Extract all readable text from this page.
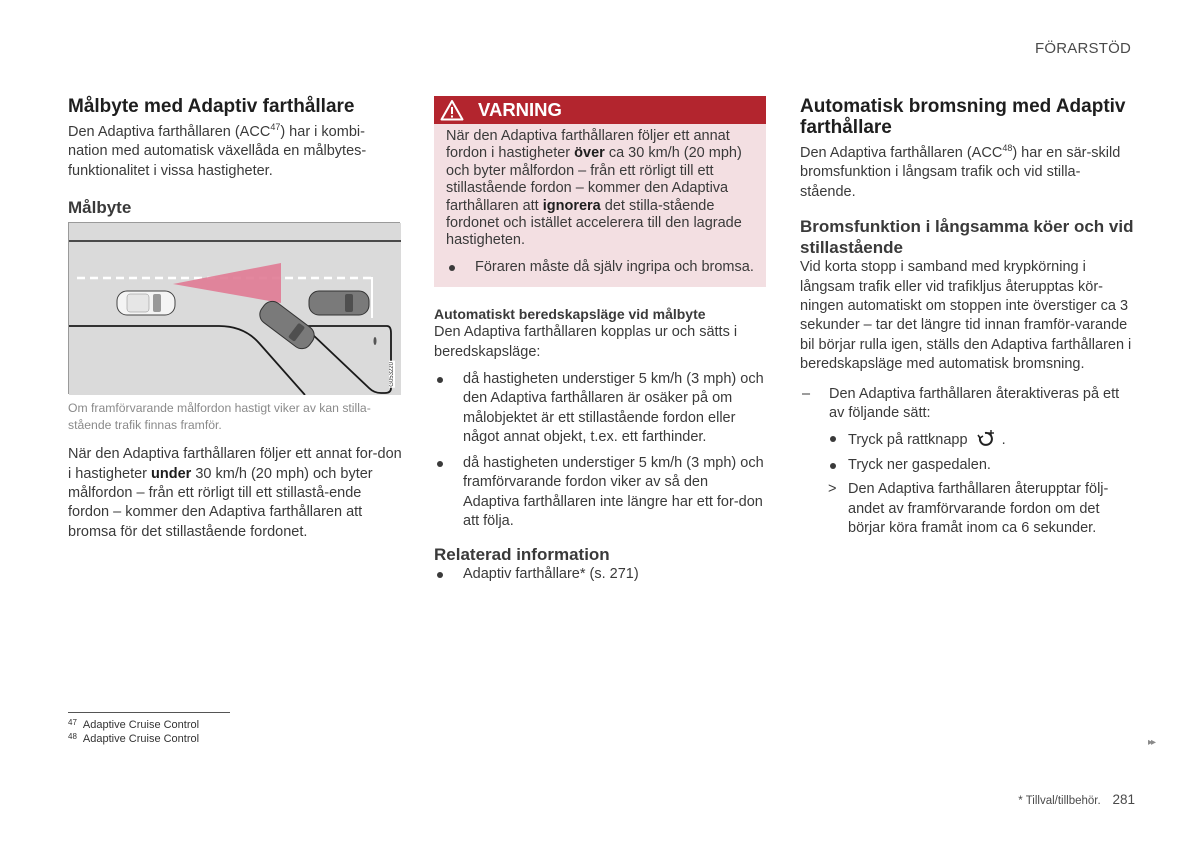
FÖRARSTÖD
Målbyte med Adaptiv farthållare

Den Adaptiva farthållaren (ACC$^{47}$) har i kombi-nation med automatisk växellåda en målbytes-funktionalitet i vissa hastigheter.

Målbyte
G053220

Om framförvarande målfordon hastigt viker av kan stilla-stående trafik finnas framför.

När den Adaptiva farthållaren följer ett annat for-don i hastigheter under 30 km/h (20 mph) och byter målfordon – från ett rörligt till ett stillastå-ende fordon – kommer den Adaptiva farthållaren att bromsa för det stillastående fordonet.

VARNING

När den Adaptiva farthållaren följer ett annat fordon i hastigheter över ca 30 km/h (20 mph) och byter målfordon – från ett rörligt till ett stillastående fordon – kommer den Adaptiva farthållaren att ignorera det stilla-stående fordonet och istället accelerera till den lagrade hastigheten.

Föraren måste då själv ingripa och bromsa.
Automatiskt beredskapsläge vid målbyte

Den Adaptiva farthållaren kopplas ur och sätts i beredskapsläge:

då hastigheten understiger 5 km/h (3 mph) och den Adaptiva farthållaren är osäker på om målobjektet är ett stillastående fordon eller något annat objekt, t.ex. ett farthinder.
då hastigheten understiger 5 km/h (3 mph) och framförvarande fordon viker av så den Adaptiva farthållaren inte längre har ett for-don att följa.
Relaterad information
Adaptiv farthållare* (s. 271)
Automatisk bromsning med Adaptiv farthållare

Den Adaptiva farthållaren (ACC$^{48}$) har en sär-skild bromsfunktion i långsam trafik och vid stilla-stående.

Bromsfunktion i långsamma köer och vid stillastående

Vid korta stopp i samband med krypkörning i långsam trafik eller vid trafikljus återupptas kör-ningen automatiskt om stoppen inte överstiger ca 3 sekunder – tar det längre tid innan framför-varande bil börjar rulla igen, ställs den Adaptiva farthållaren i beredskapsläge med automatisk bromsning.

– Den Adaptiva farthållaren återaktiveras på ett av följande sätt:
Tryck på rattknapp .
Tryck ner gaspedalen.
> Den Adaptiva farthållaren återupptar följ-andet av framförvarande fordon om det börjar köra framåt inom ca 6 sekunder.
$^{47}$ Adaptive Cruise Control
$^{48}$ Adaptive Cruise Control	▸▸
* Tillval/tillbehör. 281
